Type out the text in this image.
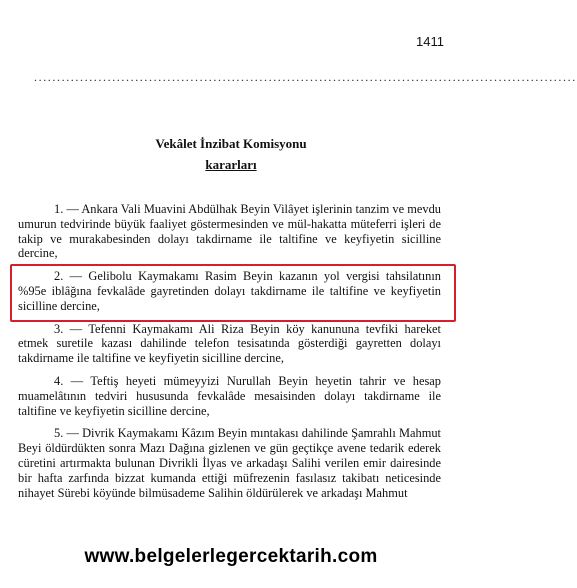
1411
......................................................................................................................
Vekâlet İnzibat Komisyonu
kararları

1. — Ankara Vali Muavini Abdülhak Beyin Vilâyet işlerinin tanzim ve mevdu umurun tedvirinde büyük faaliyet göstermesinden ve mül-hakatta müteferri işleri de takip ve murakabesinden dolayı takdirname ile taltifine ve keyfiyetin sicilline dercine,

2. — Gelibolu Kaymakamı Rasim Beyin kazanın yol vergisi tahsilatının %95e iblâğına fevkalâde gayretinden dolayı takdirname ile taltifine ve keyfiyetin sicilline dercine,

3. — Tefenni Kaymakamı Ali Riza Beyin köy kanununa tevfiki hareket etmek suretile kazası dahilinde telefon tesisatında gösterdiği gayretten dolayı takdirname ile taltifine ve keyfiyetin sicilline dercine,

4. — Teftiş heyeti mümeyyizi Nurullah Beyin heyetin tahrir ve hesap muamelâtının tedviri hususunda fevkalâde mesaisinden dolayı takdirname ile taltifine ve keyfiyetin sicilline dercine,

5. — Divrik Kaymakamı Kâzım Beyin mıntakası dahilinde Şamrahlı Mahmut Beyi öldürdükten sonra Mazı Dağına gizlenen ve gün geçtikçe avene tedarik ederek cüretini artırmakta bulunan Divrikli İlyas ve arkadaşı Salihi verilen emir dairesinde bir hafta zarfında bizzat kumanda ettiği müfrezenin fasılasız takibatı neticesinde nihayet Sürebi köyünde bilmüsademe Salihin öldürülerek ve arkadaşı Mahmut

www.belgelerlegercektarih.com
